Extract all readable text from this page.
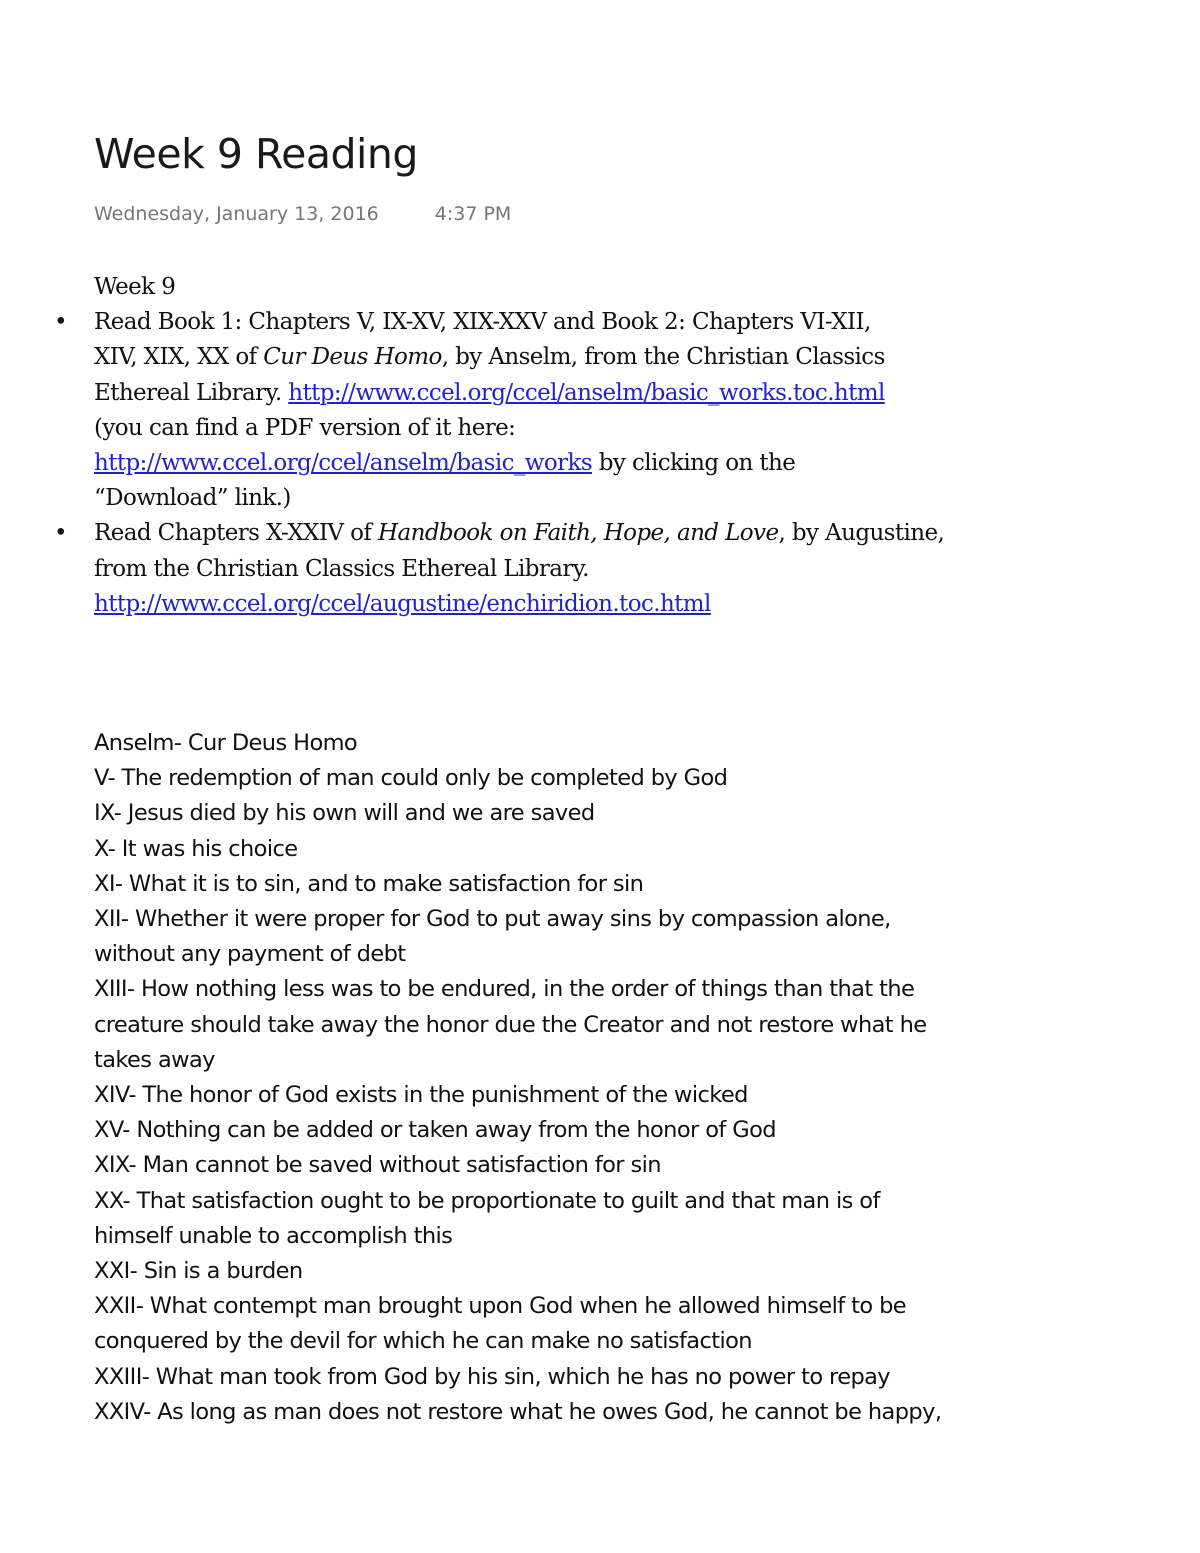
Week 9 Reading
Wednesday, January 13, 2016	4:37 PM
Week 9
• Read Book 1: Chapters V, IX-XV, XIX-XXV and Book 2: Chapters VI-XII,
XIV, XIX, XX of Cur Deus Homo, by Anselm, from the Christian Classics
Ethereal Library. http://www.ccel.org/ccel/anselm/basic_works.toc.html
(you can find a PDF version of it here:
http://www.ccel.org/ccel/anselm/basic_works by clicking on the
“Download” link.)
• Read Chapters X-XXIV of Handbook on Faith, Hope, and Love, by Augustine,
from the Christian Classics Ethereal Library.
http://www.ccel.org/ccel/augustine/enchiridion.toc.html
Anselm- Cur Deus Homo
V- The redemption of man could only be completed by God
IX- Jesus died by his own will and we are saved
X- It was his choice
XI- What it is to sin, and to make satisfaction for sin
XII- Whether it were proper for God to put away sins by compassion alone,
without any payment of debt
XIII- How nothing less was to be endured, in the order of things than that the
creature should take away the honor due the Creator and not restore what he
takes away
XIV- The honor of God exists in the punishment of the wicked
XV- Nothing can be added or taken away from the honor of God
XIX- Man cannot be saved without satisfaction for sin
XX- That satisfaction ought to be proportionate to guilt and that man is of
himself unable to accomplish this
XXI- Sin is a burden
XXII- What contempt man brought upon God when he allowed himself to be
conquered by the devil for which he can make no satisfaction
XXIII- What man took from God by his sin, which he has no power to repay
XXIV- As long as man does not restore what he owes God, he cannot be happy,
